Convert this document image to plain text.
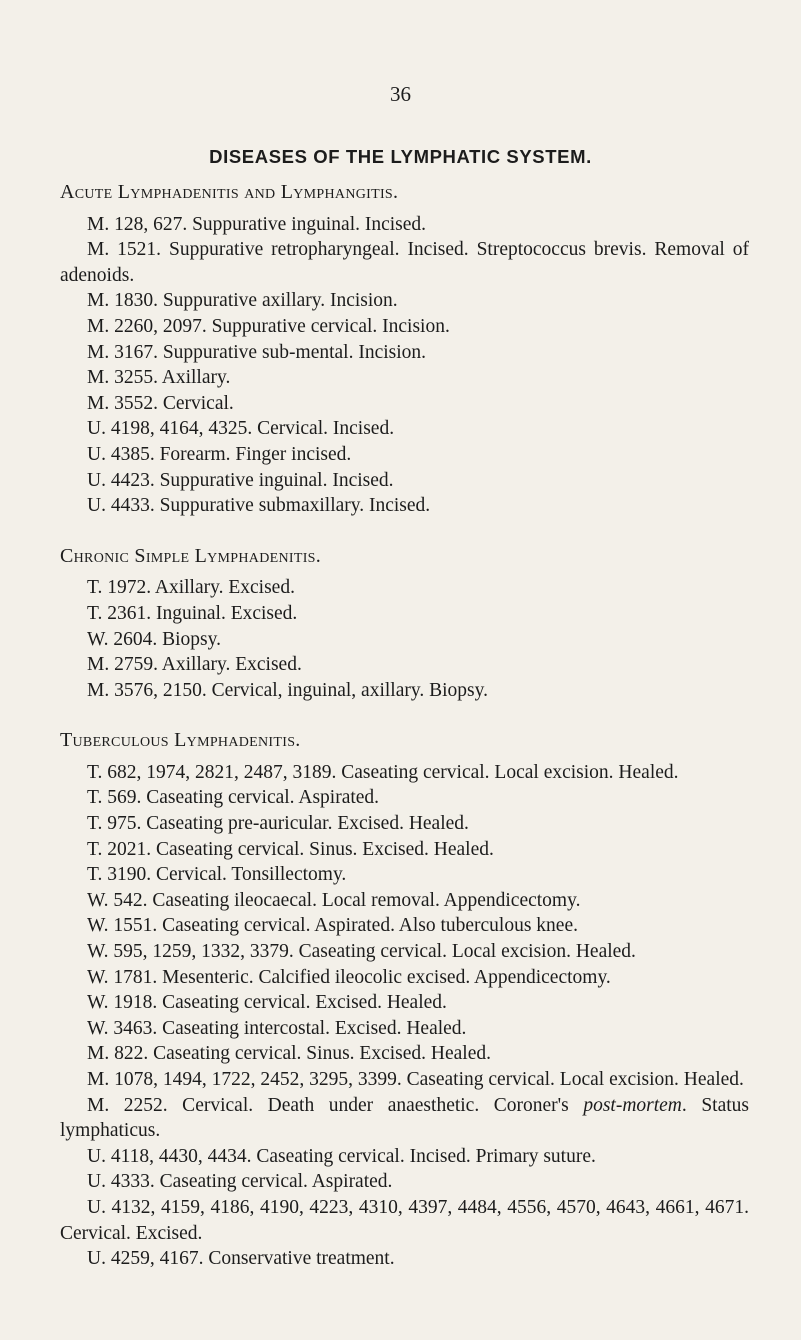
36
DISEASES OF THE LYMPHATIC SYSTEM.

Acute Lymphadenitis and Lymphangitis.

M. 128, 627. Suppurative inguinal. Incised.

M. 1521. Suppurative retropharyngeal. Incised. Streptococcus brevis. Removal of adenoids.

M. 1830. Suppurative axillary. Incision.

M. 2260, 2097. Suppurative cervical. Incision.

M. 3167. Suppurative sub-mental. Incision.

M. 3255. Axillary.

M. 3552. Cervical.

U. 4198, 4164, 4325. Cervical. Incised.

U. 4385. Forearm. Finger incised.

U. 4423. Suppurative inguinal. Incised.

U. 4433. Suppurative submaxillary. Incised.

Chronic Simple Lymphadenitis.

T. 1972. Axillary. Excised.

T. 2361. Inguinal. Excised.

W. 2604. Biopsy.

M. 2759. Axillary. Excised.

M. 3576, 2150. Cervical, inguinal, axillary. Biopsy.

Tuberculous Lymphadenitis.

T. 682, 1974, 2821, 2487, 3189. Caseating cervical. Local excision. Healed.

T. 569. Caseating cervical. Aspirated.

T. 975. Caseating pre-auricular. Excised. Healed.

T. 2021. Caseating cervical. Sinus. Excised. Healed.

T. 3190. Cervical. Tonsillectomy.

W. 542. Caseating ileocaecal. Local removal. Appendicectomy.

W. 1551. Caseating cervical. Aspirated. Also tuberculous knee.

W. 595, 1259, 1332, 3379. Caseating cervical. Local excision. Healed.

W. 1781. Mesenteric. Calcified ileocolic excised. Appendicectomy.

W. 1918. Caseating cervical. Excised. Healed.

W. 3463. Caseating intercostal. Excised. Healed.

M. 822. Caseating cervical. Sinus. Excised. Healed.

M. 1078, 1494, 1722, 2452, 3295, 3399. Caseating cervical. Local excision. Healed.

M. 2252. Cervical. Death under anaesthetic. Coroner's post-mortem. Status lymphaticus.

U. 4118, 4430, 4434. Caseating cervical. Incised. Primary suture.

U. 4333. Caseating cervical. Aspirated.

U. 4132, 4159, 4186, 4190, 4223, 4310, 4397, 4484, 4556, 4570, 4643, 4661, 4671. Cervical. Excised.

U. 4259, 4167. Conservative treatment.
